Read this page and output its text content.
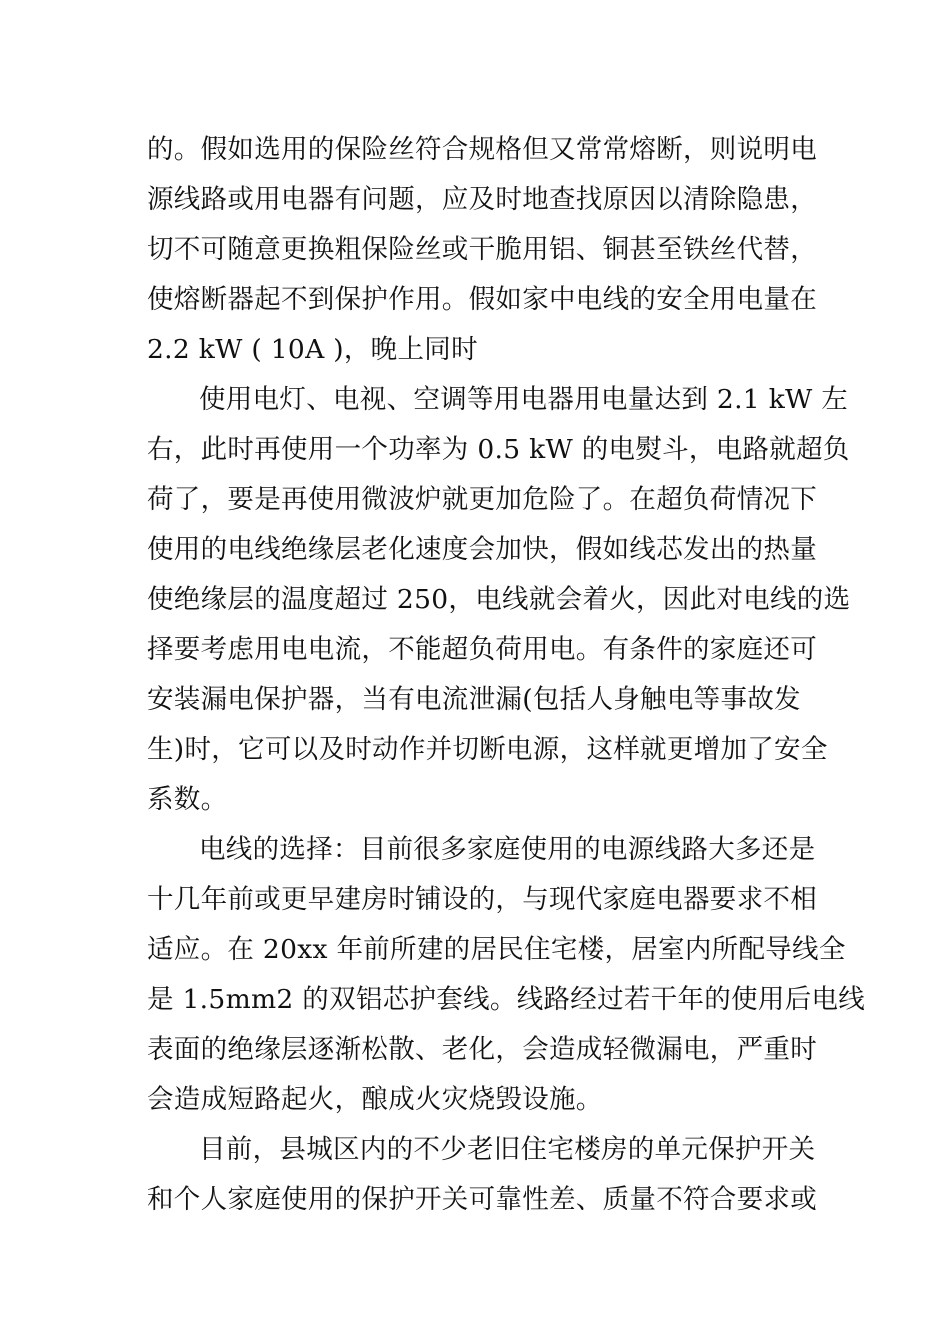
的。假如选用的保险丝符合规格但又常常熔断，则说明电
源线路或用电器有问题，应及时地查找原因以清除隐患，
切不可随意更换粗保险丝或干脆用铝、铜甚至铁丝代替，
使熔断器起不到保护作用。假如家中电线的安全用电量在
2.2 kW ( 10A )，晚上同时
使用电灯、电视、空调等用电器用电量达到 2.1 kW 左
右，此时再使用一个功率为 0.5 kW 的电熨斗，电路就超负
荷了，要是再使用微波炉就更加危险了。在超负荷情况下
使用的电线绝缘层老化速度会加快，假如线芯发出的热量
使绝缘层的温度超过 250，电线就会着火，因此对电线的选
择要考虑用电电流，不能超负荷用电。有条件的家庭还可
安装漏电保护器，当有电流泄漏(包括人身触电等事故发
生)时，它可以及时动作并切断电源，这样就更增加了安全
系数。
电线的选择：目前很多家庭使用的电源线路大多还是
十几年前或更早建房时铺设的，与现代家庭电器要求不相
适应。在 20xx 年前所建的居民住宅楼，居室内所配导线全
是 1.5mm2 的双铝芯护套线。线路经过若干年的使用后电线
表面的绝缘层逐渐松散、老化，会造成轻微漏电，严重时
会造成短路起火，酿成火灾烧毁设施。
目前，县城区内的不少老旧住宅楼房的单元保护开关
和个人家庭使用的保护开关可靠性差、质量不符合要求或
